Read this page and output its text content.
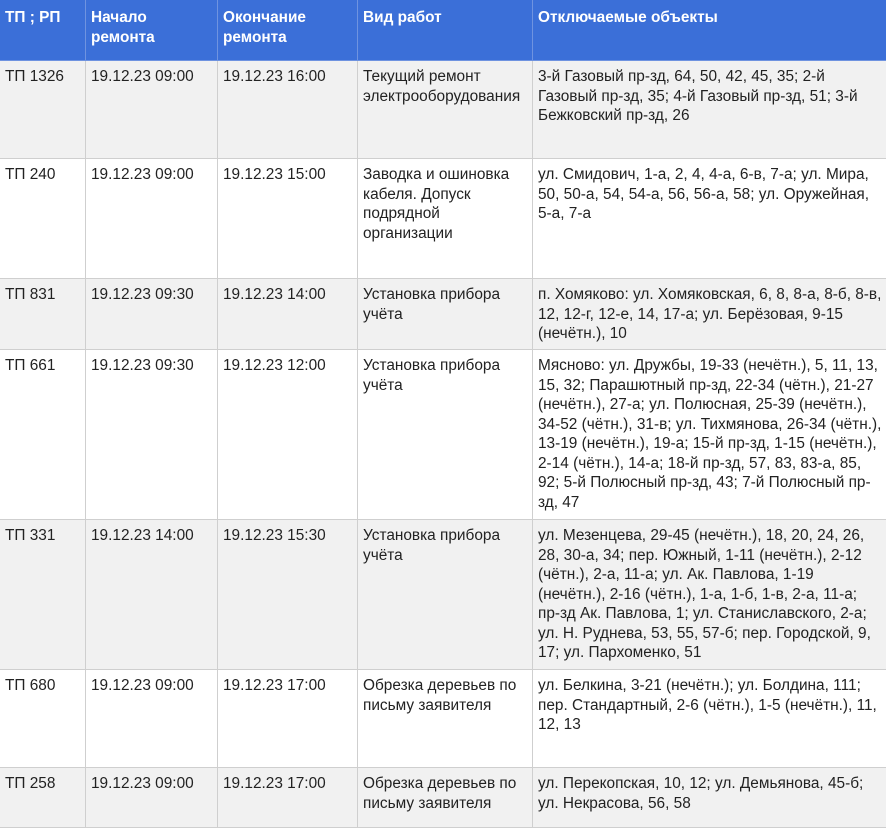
ТП ; РП	Начало ремонта	Окончание ремонта	Вид работ	Отключаемые объекты
ТП 1326	19.12.23 09:00	19.12.23 16:00	Текущий ремонт электрооборудования	3-й Газовый пр-зд, 64, 50, 42, 45, 35; 2-й Газовый пр-зд, 35; 4-й Газовый пр-зд, 51; 3-й Бежковский пр-зд, 26
ТП 240	19.12.23 09:00	19.12.23 15:00	Заводка и ошиновка кабеля. Допуск подрядной организации	ул. Смидович, 1-а, 2, 4, 4-а, 6-в, 7-а; ул. Мира, 50, 50-а, 54, 54-а, 56, 56-а, 58; ул. Оружейная, 5-а, 7-а
ТП 831	19.12.23 09:30	19.12.23 14:00	Установка прибора учёта	п. Хомяково: ул. Хомяковская, 6, 8, 8-а, 8-б, 8-в, 12, 12-г, 12-е, 14, 17-а; ул. Берёзовая, 9-15 (нечётн.), 10
ТП 661	19.12.23 09:30	19.12.23 12:00	Установка прибора учёта	Мясново: ул. Дружбы, 19-33 (нечётн.), 5, 11, 13, 15, 32; Парашютный пр-зд, 22-34 (чётн.), 21-27 (нечётн.), 27-а; ул. Полюсная, 25-39 (нечётн.), 34-52 (чётн.), 31-в; ул. Тихмянова, 26-34 (чётн.), 13-19 (нечётн.), 19-а; 15-й пр-зд, 1-15 (нечётн.), 2-14 (чётн.), 14-а; 18-й пр-зд, 57, 83, 83-а, 85, 92; 5-й Полюсный пр-зд, 43; 7-й Полюсный пр-зд, 47
ТП 331	19.12.23 14:00	19.12.23 15:30	Установка прибора учёта	ул. Мезенцева, 29-45 (нечётн.), 18, 20, 24, 26, 28, 30-а, 34; пер. Южный, 1-11 (нечётн.), 2-12 (чётн.), 2-а, 11-а; ул. Ак. Павлова, 1-19 (нечётн.), 2-16 (чётн.), 1-а, 1-б, 1-в, 2-а, 11-а; пр-зд Ак. Павлова, 1; ул. Станиславского, 2-а; ул. Н. Руднева, 53, 55, 57-б; пер. Городской, 9, 17; ул. Пархоменко, 51
ТП 680	19.12.23 09:00	19.12.23 17:00	Обрезка деревьев по письму заявителя	ул. Белкина, 3-21 (нечётн.); ул. Болдина, 111; пер. Стандартный, 2-6 (чётн.), 1-5 (нечётн.), 11, 12, 13
ТП 258	19.12.23 09:00	19.12.23 17:00	Обрезка деревьев по письму заявителя	ул. Перекопская, 10, 12; ул. Демьянова, 45-б; ул. Некрасова, 56, 58
